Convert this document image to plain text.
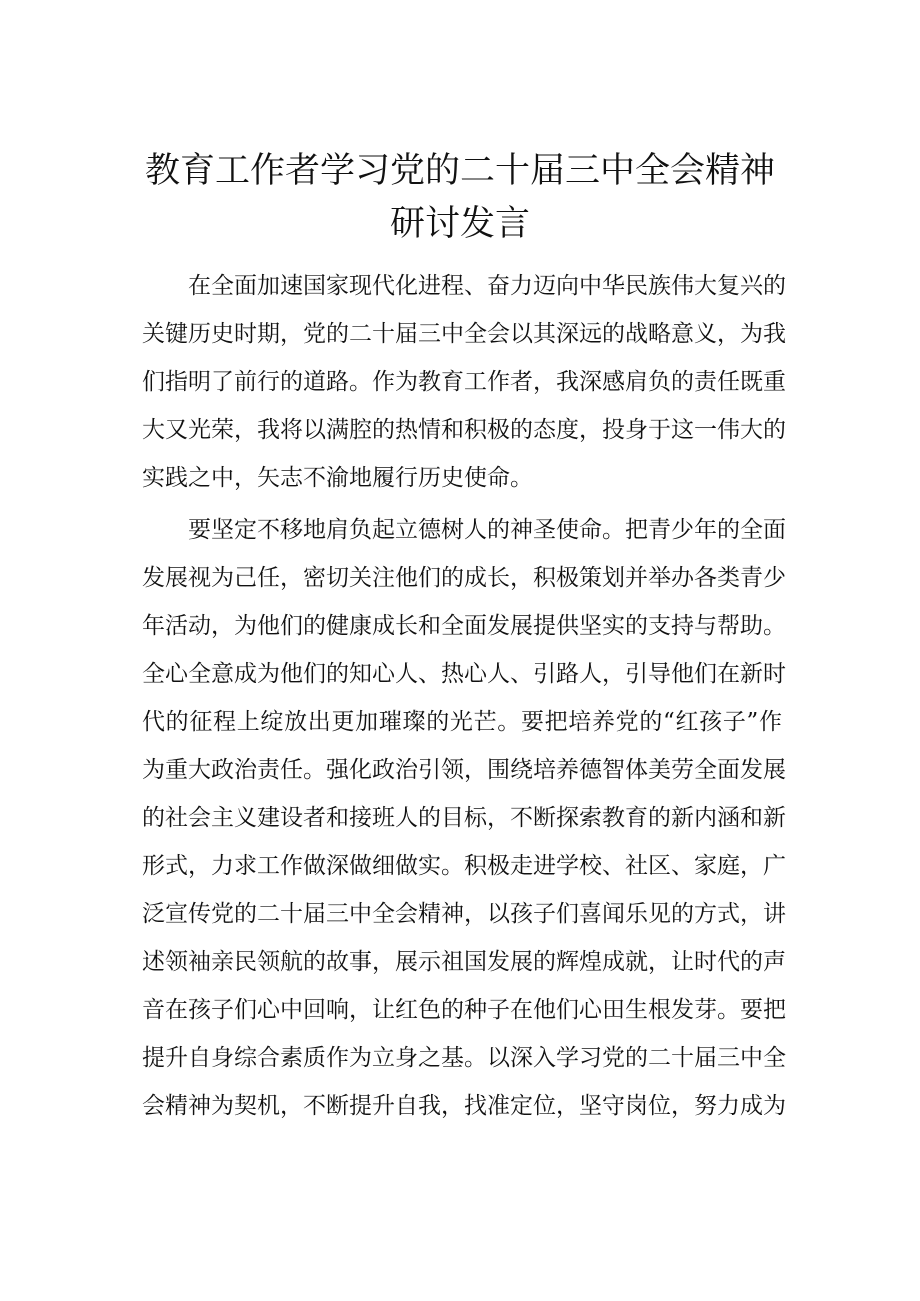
教育工作者学习党的二十届三中全会精神
研讨发言
在全面加速国家现代化进程、奋力迈向中华民族伟大复兴的
关键历史时期，党的二十届三中全会以其深远的战略意义，为我
们指明了前行的道路。作为教育工作者，我深感肩负的责任既重
大又光荣，我将以满腔的热情和积极的态度，投身于这一伟大的
实践之中，矢志不渝地履行历史使命。
要坚定不移地肩负起立德树人的神圣使命。把青少年的全面
发展视为己任，密切关注他们的成长，积极策划并举办各类青少
年活动，为他们的健康成长和全面发展提供坚实的支持与帮助。
全心全意成为他们的知心人、热心人、引路人，引导他们在新时
代的征程上绽放出更加璀璨的光芒。要把培养党的“红孩子”作
为重大政治责任。强化政治引领，围绕培养德智体美劳全面发展
的社会主义建设者和接班人的目标，不断探索教育的新内涵和新
形式，力求工作做深做细做实。积极走进学校、社区、家庭，广
泛宣传党的二十届三中全会精神，以孩子们喜闻乐见的方式，讲
述领袖亲民领航的故事，展示祖国发展的辉煌成就，让时代的声
音在孩子们心中回响，让红色的种子在他们心田生根发芽。要把
提升自身综合素质作为立身之基。以深入学习党的二十届三中全
会精神为契机，不断提升自我，找准定位，坚守岗位，努力成为
